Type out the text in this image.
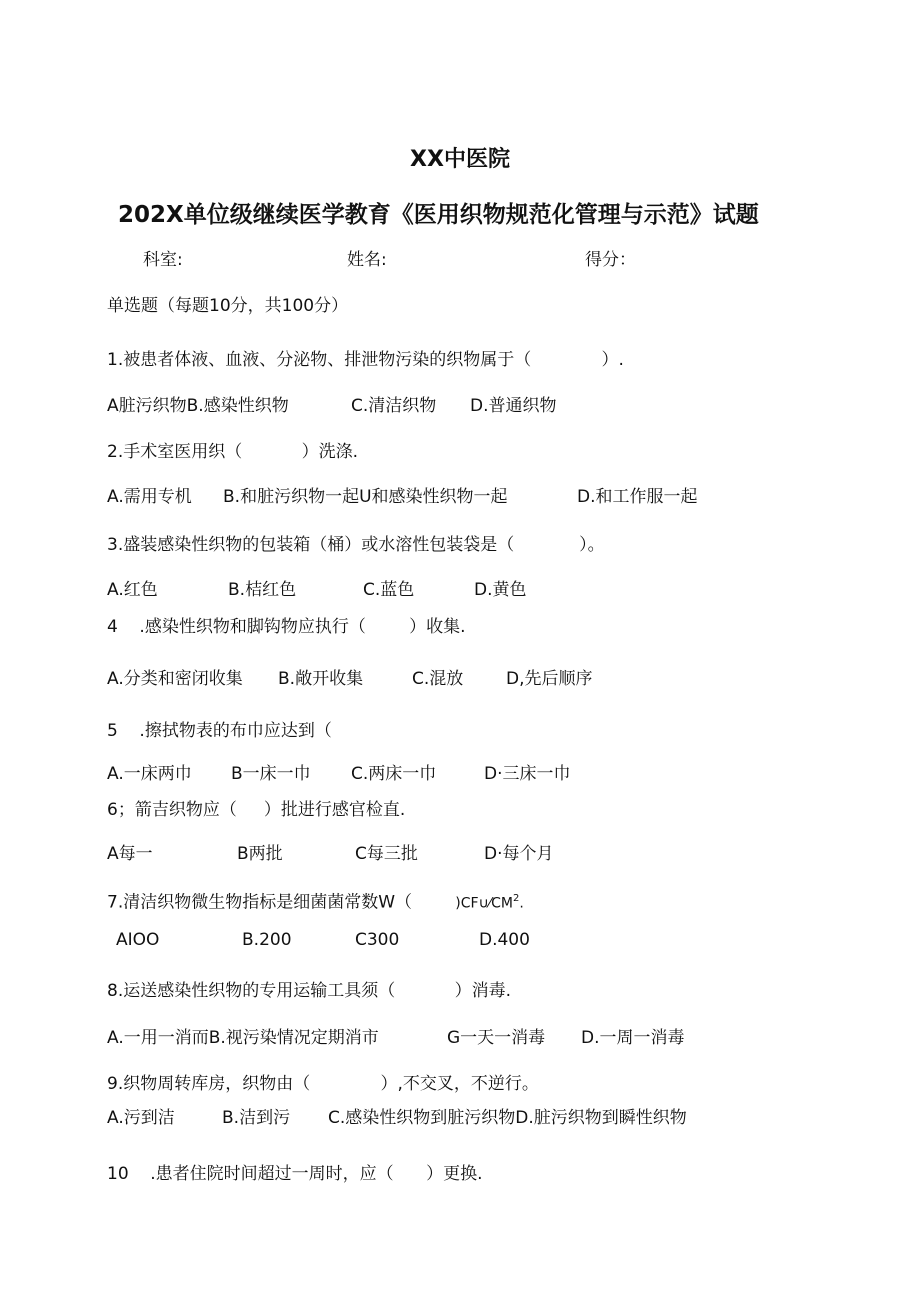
XX中医院
202X单位级继续医学教育《医用织物规范化管理与示范》试题
科室:	姓名:	得分：
单选题（每题10分，共100分）
1.被患者体液、血液、分泌物、排泄物污染的织物属于（             ）.
A脏污织物B.感染性织物	C.清洁织物 D.普通织物
2.手术室医用织（           ）洗涤.
A.需用专机 B.和脏污织物一起U和感染性织物一起	D.和工作服一起
3.盛装感染性织物的包装箱（桶）或水溶性包装袋是（            ）。
A.红色	B.桔红色	C.蓝色	D.黄色
4    .感染性织物和脚钩物应执行（        ）收集.
A.分类和密闭收集 B.敞开收集	C.混放	D,先后顺序
5    .擦拭物表的布巾应达到（
A.一床两巾 B一床一巾 C.两床一巾	D·三床一巾
6；箭吉织物应（     ）批进行感官检直.
A每一	B两批	C每三批	D·每个月
7.清洁织物微生物指标是细菌菌常数W（        )$CF\cup⁄CM^2$.
AIOO	B.200	C300	D.400
8.运送感染性织物的专用运输工具须（           ）消毒.
A.一用一消而B.视污染情况定期消市	G一天一消毒 D.一周一消毒
9.织物周转库房，织物由（             ）,不交叉，不逆行。
A.污到洁	B.洁到污 C.感染性织物到脏污织物D.脏污织物到瞬性织物
10    .患者住院时间超过一周时，应（      ）更换.
